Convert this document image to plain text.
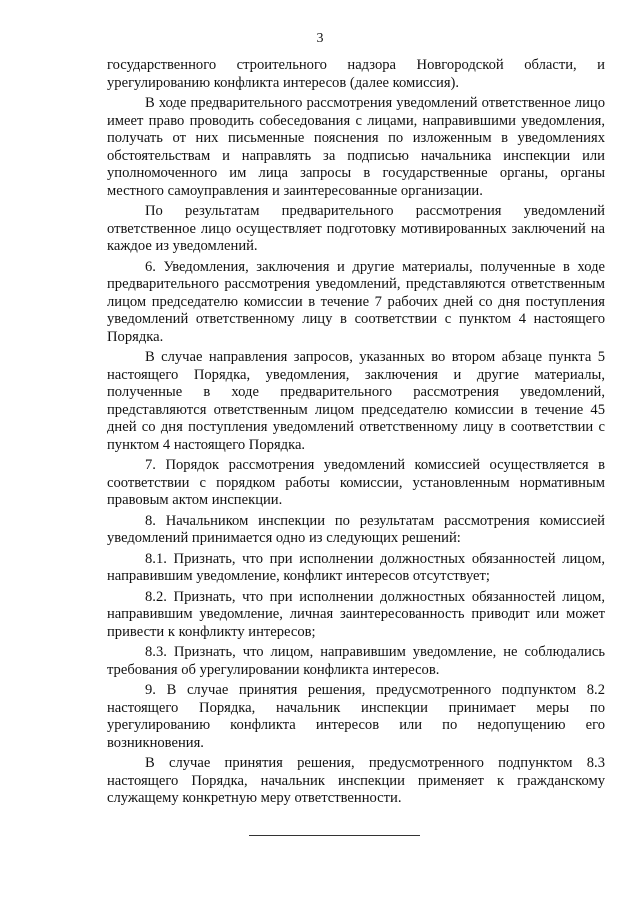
3

государственного строительного надзора Новгородской области, и урегулированию конфликта интересов (далее комиссия).

В ходе предварительного рассмотрения уведомлений ответственное лицо имеет право проводить собеседования с лицами, направившими уведомления, получать от них письменные пояснения по изложенным в уведомлениях обстоятельствам и направлять за подписью начальника инспекции или уполномоченного им лица запросы в государственные органы, органы местного самоуправления и заинтересованные организации.

По результатам предварительного рассмотрения уведомлений ответственное лицо осуществляет подготовку мотивированных заключений на каждое из уведомлений.

6. Уведомления, заключения и другие материалы, полученные в ходе предварительного рассмотрения уведомлений, представляются ответственным лицом председателю комиссии в течение 7 рабочих дней со дня поступления уведомлений ответственному лицу в соответствии с пунктом 4 настоящего Порядка.

В случае направления запросов, указанных во втором абзаце пункта 5 настоящего Порядка, уведомления, заключения и другие материалы, полученные в ходе предварительного рассмотрения уведомлений, представляются ответственным лицом председателю комиссии в течение 45 дней со дня поступления уведомлений ответственному лицу в соответствии с пунктом 4 настоящего Порядка.

7. Порядок рассмотрения уведомлений комиссией осуществляется в соответствии с порядком работы комиссии, установленным нормативным правовым актом инспекции.

8. Начальником инспекции по результатам рассмотрения комиссией уведомлений принимается одно из следующих решений:

8.1. Признать, что при исполнении должностных обязанностей лицом, направившим уведомление, конфликт интересов отсутствует;

8.2. Признать, что при исполнении должностных обязанностей лицом, направившим уведомление, личная заинтересованность приводит или может привести к конфликту интересов;

8.3. Признать, что лицом, направившим уведомление, не соблюдались требования об урегулировании конфликта интересов.

9. В случае принятия решения, предусмотренного подпунктом 8.2 настоящего Порядка, начальник инспекции принимает меры по урегулированию конфликта интересов или по недопущению его возникновения.

В случае принятия решения, предусмотренного подпунктом 8.3 настоящего Порядка, начальник инспекции применяет к гражданскому служащему конкретную меру ответственности.
